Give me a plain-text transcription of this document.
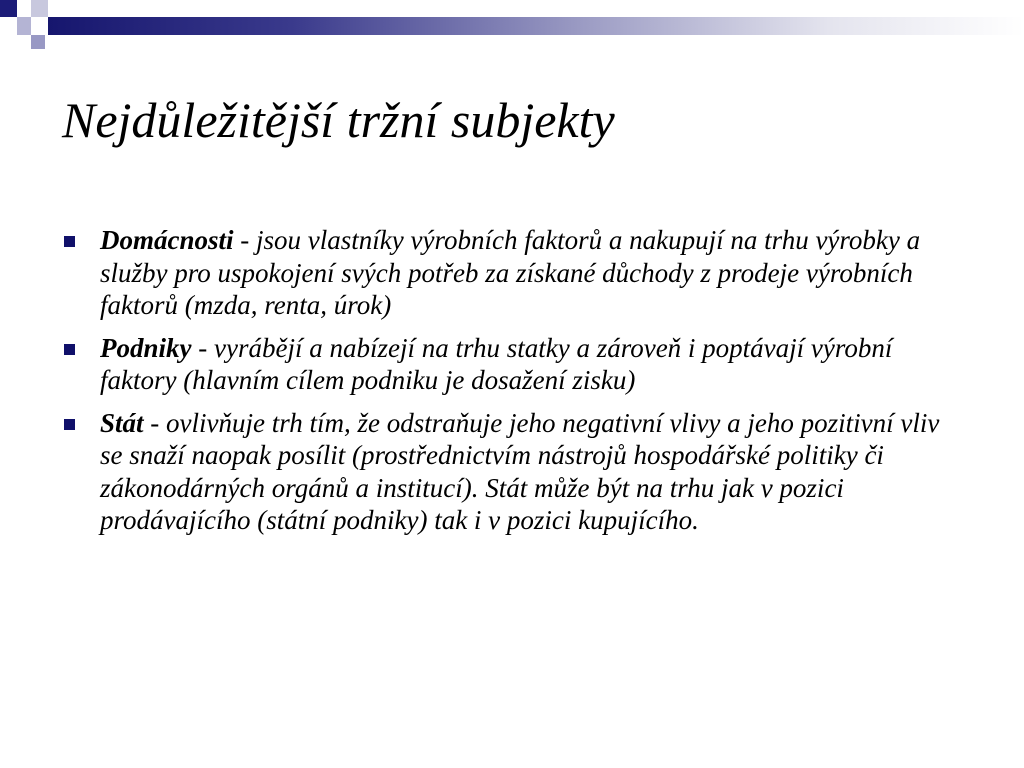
Nejdůležitější tržní subjekty
Domácnosti - jsou vlastníky výrobních faktorů a nakupují na trhu výrobky a služby pro uspokojení svých potřeb za získané důchody z prodeje výrobních faktorů (mzda, renta, úrok)
Podniky - vyrábějí a nabízejí na trhu statky a zároveň i poptávají výrobní faktory (hlavním cílem podniku je dosažení zisku)
Stát - ovlivňuje trh tím, že odstraňuje jeho negativní vlivy a jeho pozitivní vliv se snaží naopak posílit (prostřednictvím nástrojů hospodářské politiky či zákonodárných orgánů a institucí). Stát může být na trhu jak v pozici prodávajícího (státní podniky) tak i v pozici kupujícího.
